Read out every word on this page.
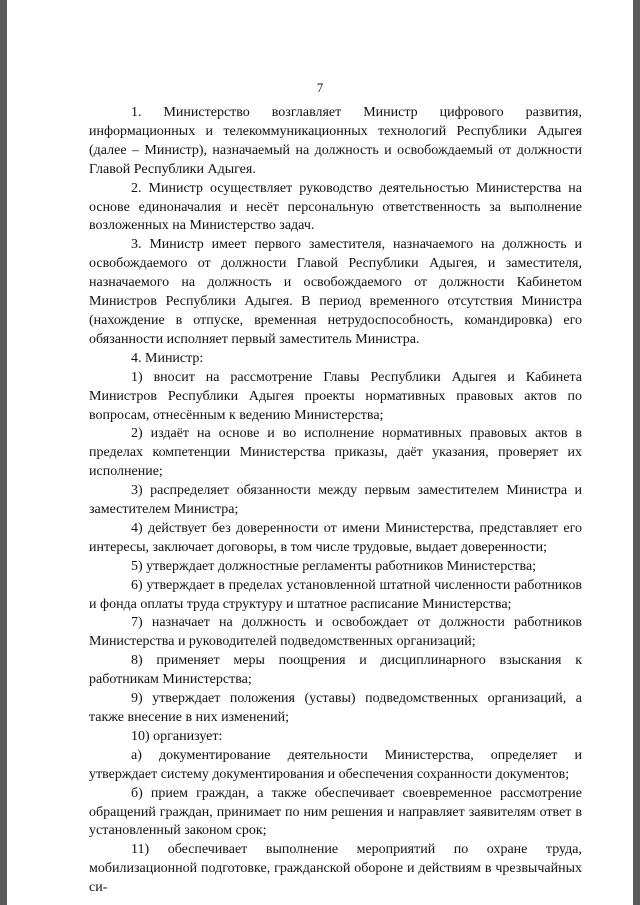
7

1. Министерство возглавляет Министр цифрового развития, информационных и телекоммуникационных технологий Республики Адыгея (далее – Министр), назначаемый на должность и освобождаемый от должности Главой Республики Адыгея.

2. Министр осуществляет руководство деятельностью Министерства на основе единоначалия и несёт персональную ответственность за выполнение возложенных на Министерство задач.

3. Министр имеет первого заместителя, назначаемого на должность и освобождаемого от должности Главой Республики Адыгея, и заместителя, назначаемого на должность и освобождаемого от должности Кабинетом Министров Республики Адыгея. В период временного отсутствия Министра (нахождение в отпуске, временная нетрудоспособность, командировка) его обязанности исполняет первый заместитель Министра.

4. Министр:

1) вносит на рассмотрение Главы Республики Адыгея и Кабинета Министров Республики Адыгея проекты нормативных правовых актов по вопросам, отнесённым к ведению Министерства;

2) издаёт на основе и во исполнение нормативных правовых актов в пределах компетенции Министерства приказы, даёт указания, проверяет их исполнение;

3) распределяет обязанности между первым заместителем Министра и заместителем Министра;

4) действует без доверенности от имени Министерства, представляет его интересы, заключает договоры, в том числе трудовые, выдает доверенности;

5) утверждает должностные регламенты работников Министерства;

6) утверждает в пределах установленной штатной численности работников и фонда оплаты труда структуру и штатное расписание Министерства;

7) назначает на должность и освобождает от должности работников Министерства и руководителей подведомственных организаций;

8) применяет меры поощрения и дисциплинарного взыскания к работникам Министерства;

9) утверждает положения (уставы) подведомственных организаций, а также внесение в них изменений;

10) организует:

а) документирование деятельности Министерства, определяет и утверждает систему документирования и обеспечения сохранности документов;

б) прием граждан, а также обеспечивает своевременное рассмотрение обращений граждан, принимает по ним решения и направляет заявителям ответ в установленный законом срок;

11) обеспечивает выполнение мероприятий по охране труда, мобилизационной подготовке, гражданской обороне и действиям в чрезвычайных си-
